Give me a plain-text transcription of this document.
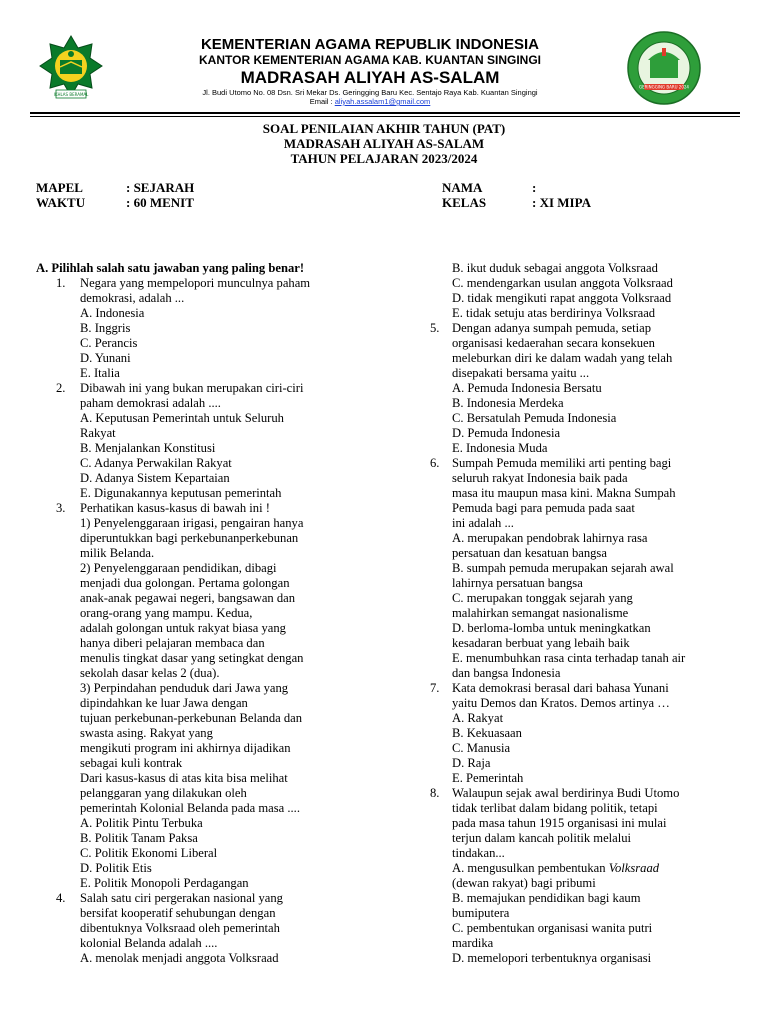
IKHLAS BERAMAL
KEMENTERIAN AGAMA REPUBLIK INDONESIA
KANTOR KEMENTERIAN AGAMA KAB. KUANTAN SINGINGI
MADRASAH ALIYAH AS-SALAM
Jl. Budi Utomo No. 08 Dsn. Sri Mekar Ds. Geringging Baru Kec. Sentajo Raya Kab. Kuantan Singingi
Email : aliyah.assalam1@gmail.com
GERINGGING BARU 2024
SOAL PENILAIAN AKHIR TAHUN (PAT)
MADRASAH ALIYAH AS-SALAM
TAHUN PELAJARAN 2023/2024
MAPEL	: SEJARAH
WAKTU	: 60 MENIT
NAMA	:
KELAS	: XI MIPA
A. Pilihlah salah satu jawaban yang paling benar!
1. Negara yang mempelopori munculnya paham
demokrasi, adalah ...
A. Indonesia
B. Inggris
C. Perancis
D. Yunani
E. Italia
2. Dibawah ini yang bukan merupakan ciri-ciri
paham demokrasi adalah ....
A. Keputusan Pemerintah untuk Seluruh
Rakyat
B. Menjalankan Konstitusi
C. Adanya Perwakilan Rakyat
D. Adanya Sistem Kepartaian
E. Digunakannya keputusan pemerintah
3. Perhatikan kasus-kasus di bawah ini !
1) Penyelenggaraan irigasi, pengairan hanya
diperuntukkan bagi perkebunanperkebunan
milik Belanda.
2) Penyelenggaraan pendidikan, dibagi
menjadi dua golongan. Pertama golongan
anak-anak pegawai negeri, bangsawan dan
orang-orang yang mampu. Kedua,
adalah golongan untuk rakyat biasa yang
hanya diberi pelajaran membaca dan
menulis tingkat dasar yang setingkat dengan
sekolah dasar kelas 2 (dua).
3) Perpindahan penduduk dari Jawa yang
dipindahkan ke luar Jawa dengan
tujuan perkebunan-perkebunan Belanda dan
swasta asing. Rakyat yang
mengikuti program ini akhirnya dijadikan
sebagai kuli kontrak
Dari kasus-kasus di atas kita bisa melihat
pelanggaran yang dilakukan oleh
pemerintah Kolonial Belanda pada masa ....
A. Politik Pintu Terbuka
B. Politik Tanam Paksa
C. Politik Ekonomi Liberal
D. Politik Etis
E. Politik Monopoli Perdagangan
4. Salah satu ciri pergerakan nasional yang
bersifat kooperatif sehubungan dengan
dibentuknya Volksraad oleh pemerintah
kolonial Belanda adalah ....
A. menolak menjadi anggota Volksraad
B. ikut duduk sebagai anggota Volksraad
C. mendengarkan usulan anggota Volksraad
D. tidak mengikuti rapat anggota Volksraad
E. tidak setuju atas berdirinya Volksraad
5. Dengan adanya sumpah pemuda, setiap
organisasi kedaerahan secara konsekuen
meleburkan diri ke dalam wadah yang telah
disepakati bersama yaitu ...
A. Pemuda Indonesia Bersatu
B. Indonesia Merdeka
C. Bersatulah Pemuda Indonesia
D. Pemuda Indonesia
E. Indonesia Muda
6. Sumpah Pemuda memiliki arti penting bagi
seluruh rakyat Indonesia baik pada
masa itu maupun masa kini. Makna Sumpah
Pemuda bagi para pemuda pada saat
ini adalah ...
A. merupakan pendobrak lahirnya rasa
persatuan dan kesatuan bangsa
B. sumpah pemuda merupakan sejarah awal
lahirnya persatuan bangsa
C. merupakan tonggak sejarah yang
malahirkan semangat nasionalisme
D. berloma-lomba untuk meningkatkan
kesadaran berbuat yang lebaih baik
E. menumbuhkan rasa cinta terhadap tanah air
dan bangsa Indonesia
7. Kata demokrasi berasal dari bahasa Yunani
yaitu Demos dan Kratos. Demos artinya …
A. Rakyat
B. Kekuasaan
C. Manusia
D. Raja
E. Pemerintah
8. Walaupun sejak awal berdirinya Budi Utomo
tidak terlibat dalam bidang politik, tetapi
pada masa tahun 1915 organisasi ini mulai
terjun dalam kancah politik melalui
tindakan...
A. mengusulkan pembentukan Volksraad
(dewan rakyat) bagi pribumi
B. memajukan pendidikan bagi kaum
bumiputera
C. pembentukan organisasi wanita putri
mardika
D. memelopori terbentuknya organisasi
